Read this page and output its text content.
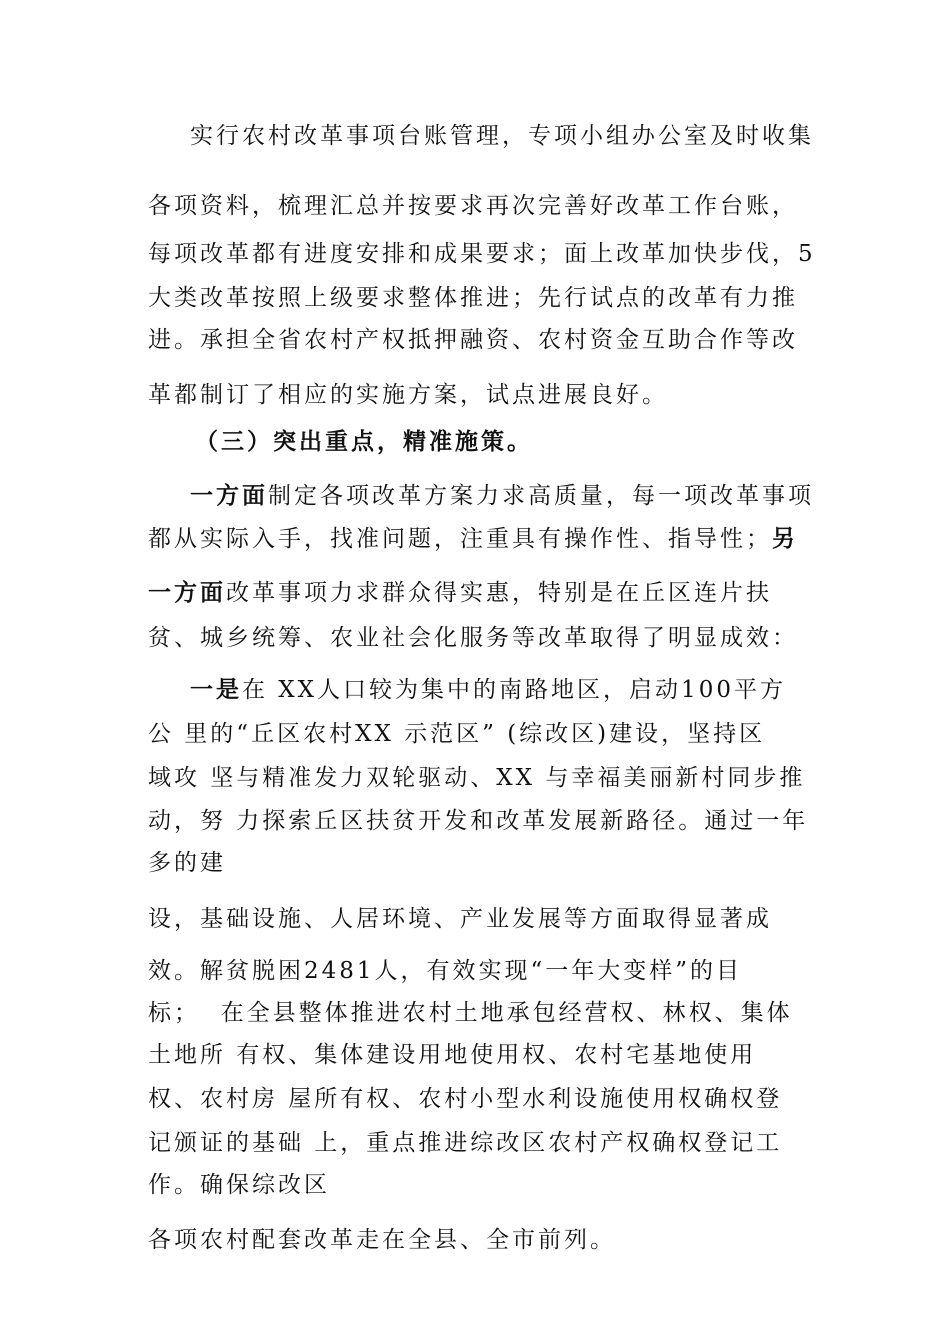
实行农村改革事项台账管理，专项小组办公室及时收集
各项资料，梳理汇总并按要求再次完善好改革工作台账，
每项改革都有进度安排和成果要求；面上改革加快步伐，5
大类改革按照上级要求整体推进；先行试点的改革有力推
进。承担全省农村产权抵押融资、农村资金互助合作等改
革都制订了相应的实施方案，试点进展良好。
（三）突出重点，精准施策。
一方面制定各项改革方案力求高质量，每一项改革事项
都从实际入手，找准问题，注重具有操作性、指导性；另
一方面改革事项力求群众得实惠，特别是在丘区连片扶
贫、城乡统筹、农业社会化服务等改革取得了明显成效：
一是在 XX人口较为集中的南路地区，启动100平方
公 里的“丘区农村XX 示范区” (综改区)建设，坚持区
域攻 坚与精准发力双轮驱动、XX 与幸福美丽新村同步推
动，努 力探索丘区扶贫开发和改革发展新路径。通过一年
多的建
设，基础设施、人居环境、产业发展等方面取得显著成
效。解贫脱困2481人，有效实现“一年大变样”的目
标；  在全县整体推进农村土地承包经营权、林权、集体
土地所 有权、集体建设用地使用权、农村宅基地使用
权、农村房 屋所有权、农村小型水利设施使用权确权登
记颁证的基础 上，重点推进综改区农村产权确权登记工
作。确保综改区
各项农村配套改革走在全县、全市前列。
